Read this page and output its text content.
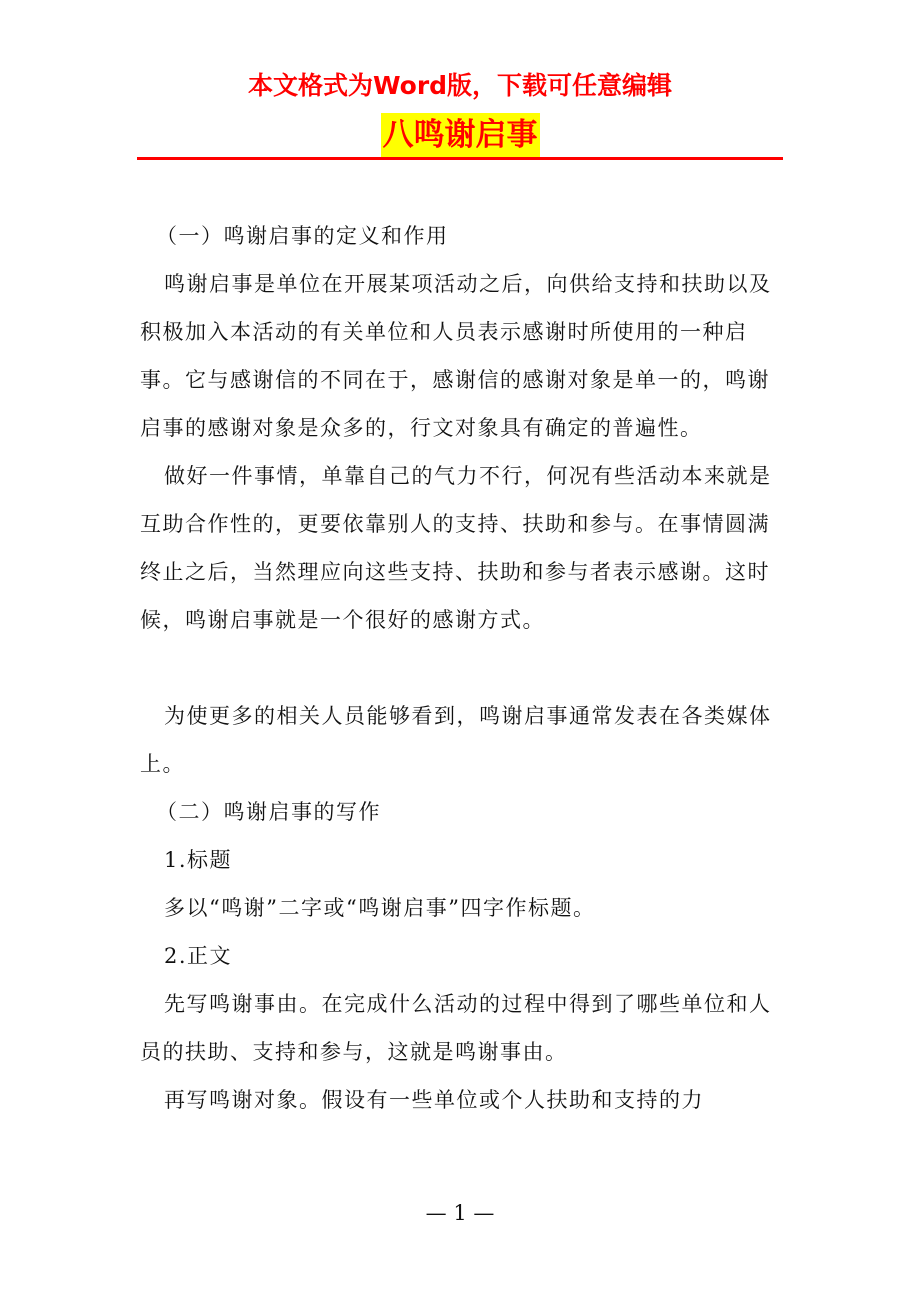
本文格式为Word版，下载可任意编辑
八鸣谢启事

（一）鸣谢启事的定义和作用

鸣谢启事是单位在开展某项活动之后，向供给支持和扶助以及积极加入本活动的有关单位和人员表示感谢时所使用的一种启事。它与感谢信的不同在于，感谢信的感谢对象是单一的，鸣谢启事的感谢对象是众多的，行文对象具有确定的普遍性。

做好一件事情，单靠自己的气力不行，何况有些活动本来就是互助合作性的，更要依靠别人的支持、扶助和参与。在事情圆满终止之后，当然理应向这些支持、扶助和参与者表示感谢。这时候，鸣谢启事就是一个很好的感谢方式。

为使更多的相关人员能够看到，鸣谢启事通常发表在各类媒体上。

（二）鸣谢启事的写作

1.标题

多以“鸣谢”二字或“鸣谢启事”四字作标题。

2.正文

先写鸣谢事由。在完成什么活动的过程中得到了哪些单位和人员的扶助、支持和参与，这就是鸣谢事由。

再写鸣谢对象。假设有一些单位或个人扶助和支持的力

— 1 —
